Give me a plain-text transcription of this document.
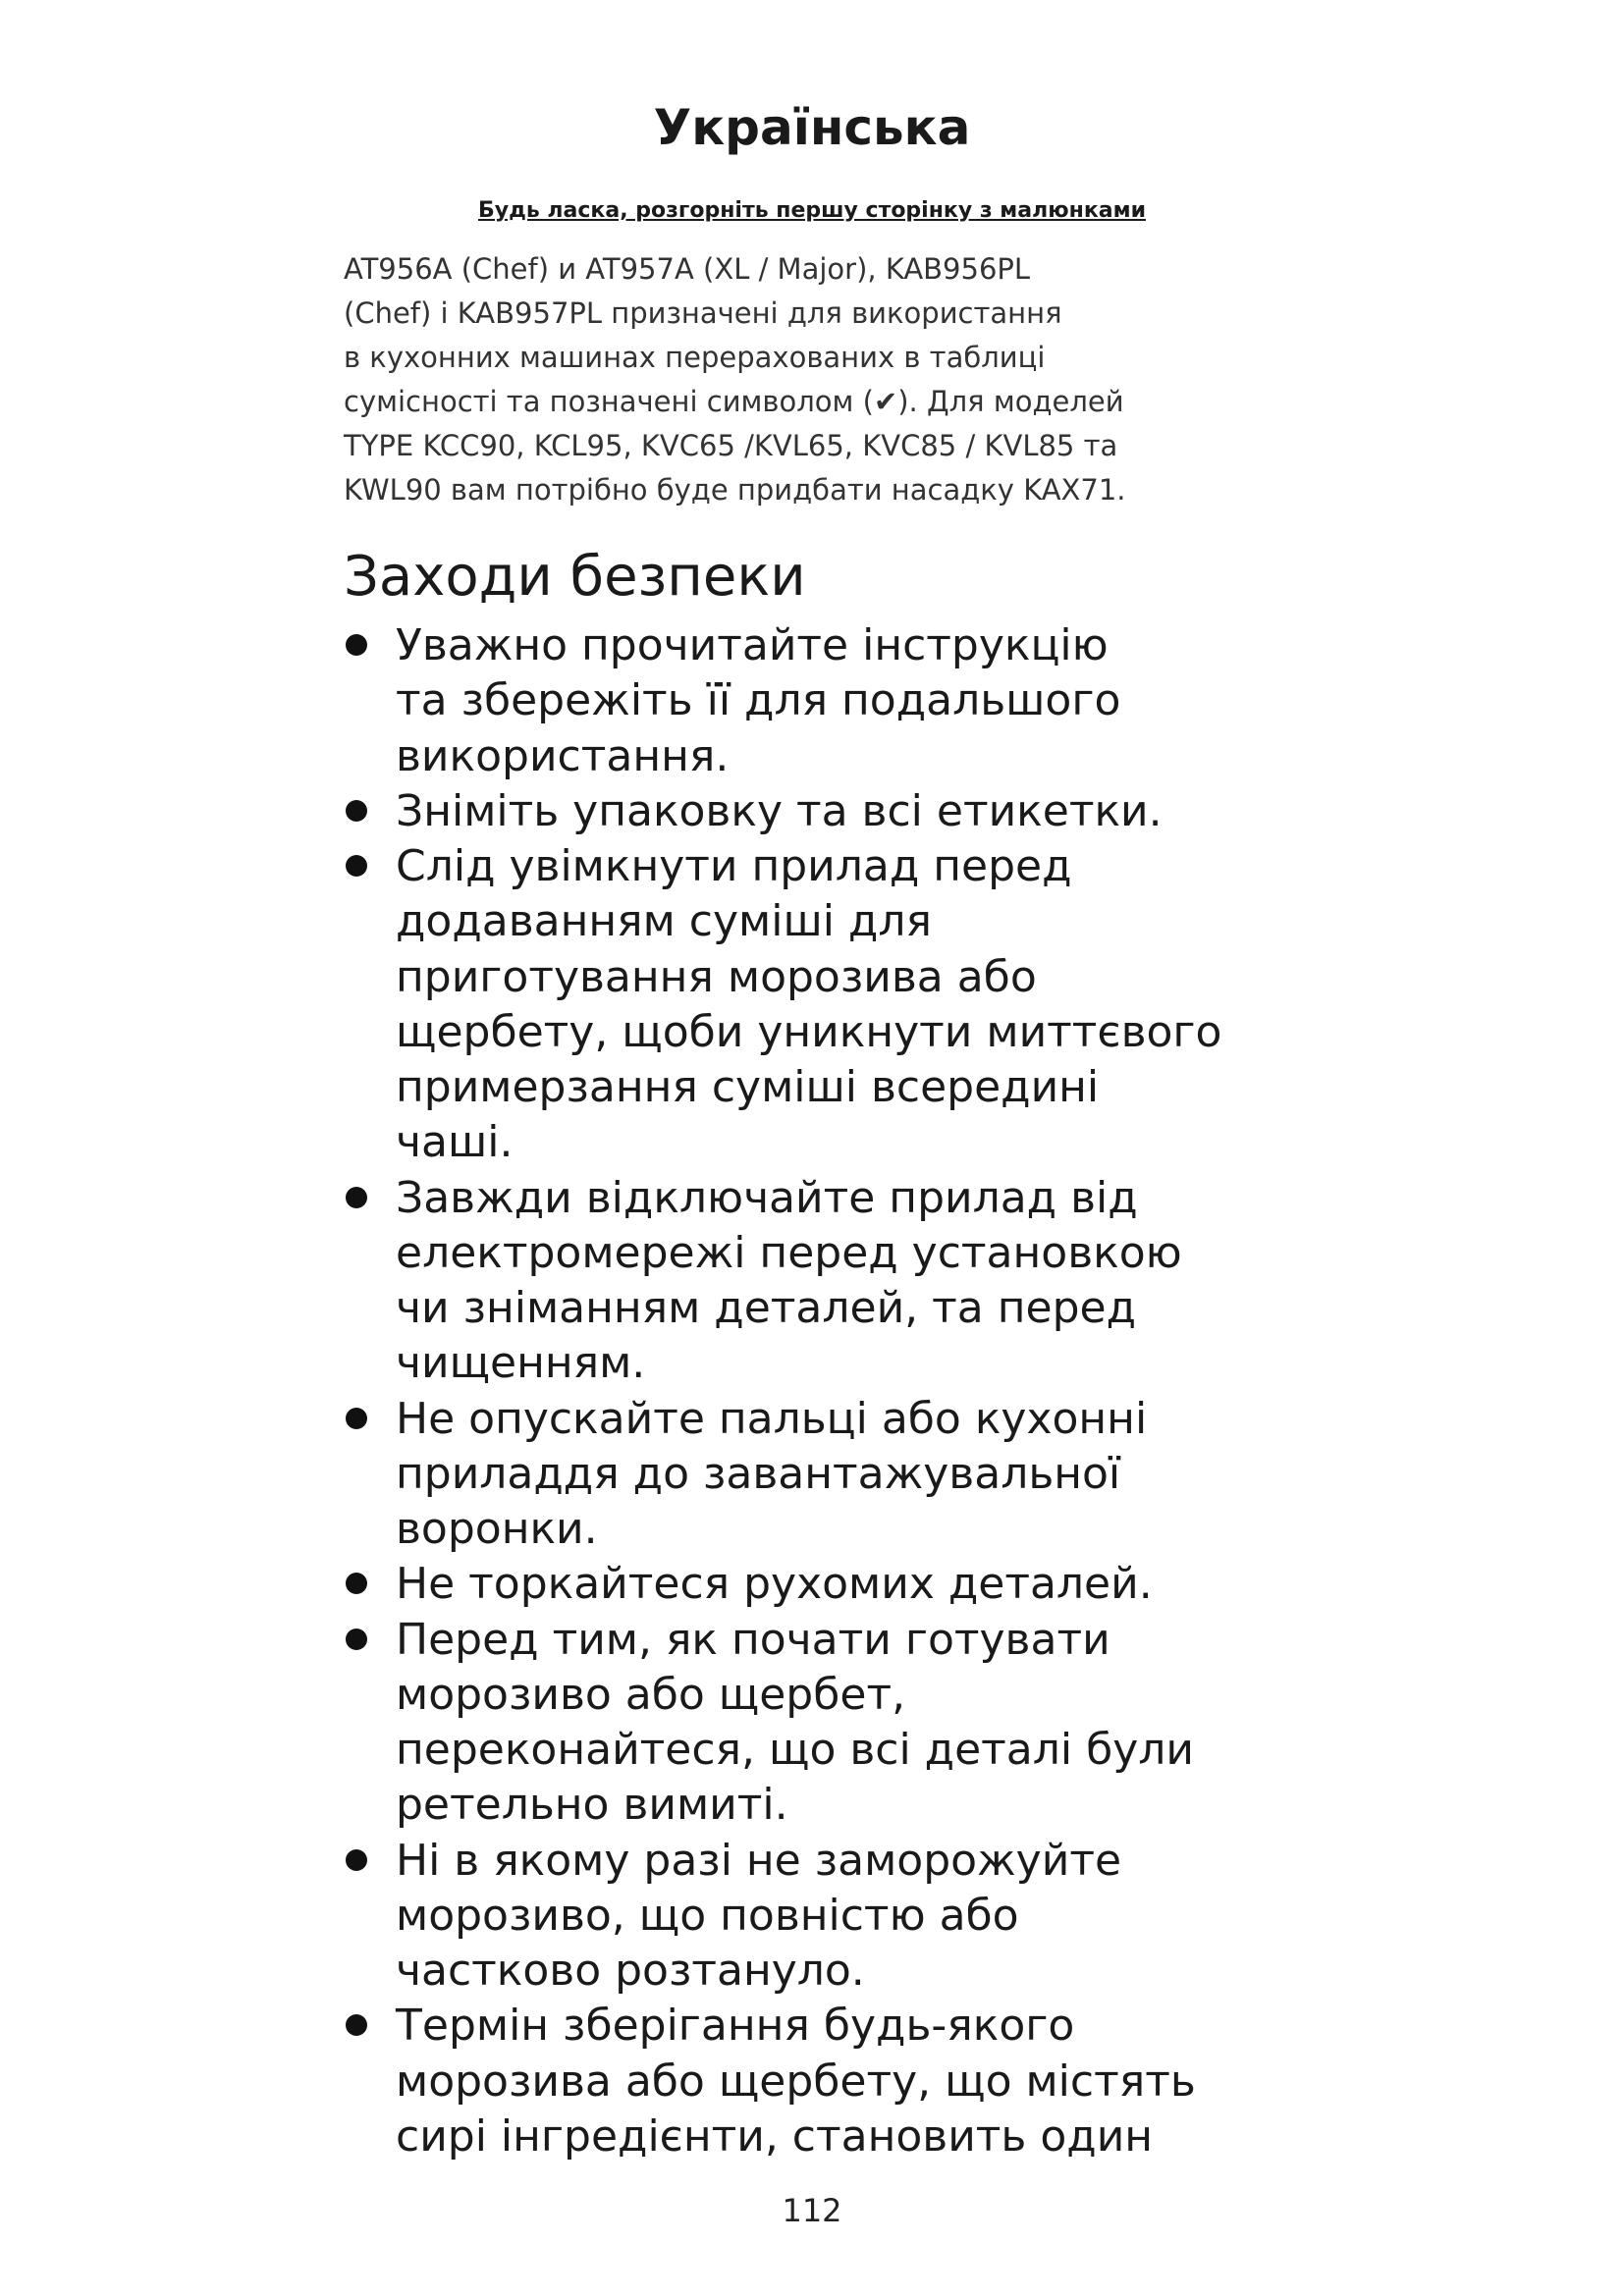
Українська
Будь ласка, розгорніть першу сторінку з малюнками

AT956A (Chef) и AT957A (XL / Major), KAB956PL
(Chef) і KAB957PL призначені для використання
в кухонних машинах перерахованих в таблиці
сумісності та позначені символом (✔). Для моделей
TYPE KCC90, KCL95, KVC65 /KVL65, KVC85 / KVL85 та
KWL90 вам потрібно буде придбати насадку KAX71.

Заходи безпеки
Уважно прочитайте інструкцію
та збережіть її для подальшого
використання.
Зніміть упаковку та всі етикетки.
Слід увімкнути прилад перед
додаванням суміші для
приготування морозива або
щербету, щоби уникнути миттєвого
примерзання суміші всередині
чаші.
Завжди відключайте прилад від
електромережі перед установкою
чи зніманням деталей, та перед
чищенням.
Не опускайте пальці або кухонні
приладдя до завантажувальної
воронки.
Не торкайтеся рухомих деталей.
Перед тим, як почати готувати
морозиво або щербет,
переконайтеся, що всі деталі були
ретельно вимиті.
Ні в якому разі не заморожуйте
морозиво, що повністю або
частково розтануло.
Термін зберігання будь-якого
морозива або щербету, що містять
сирі інгредієнти, становить один
112
